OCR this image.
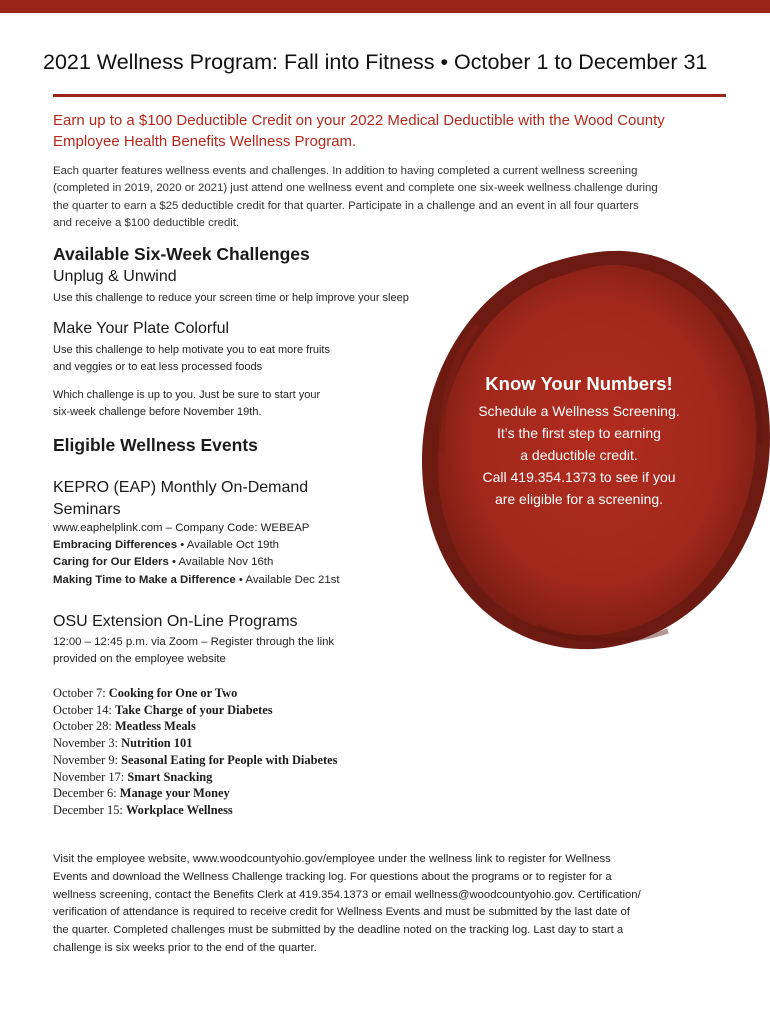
2021 Wellness Program: Fall into Fitness • October 1 to December 31
Earn up to a $100 Deductible Credit on your 2022 Medical Deductible with the Wood County
Employee Health Benefits Wellness Program.
Each quarter features wellness events and challenges. In addition to having completed a current wellness screening
(completed in 2019, 2020 or 2021) just attend one wellness event and complete one six-week wellness challenge during
the quarter to earn a $25 deductible credit for that quarter. Participate in a challenge and an event in all four quarters
and receive a $100 deductible credit.
Know Your Numbers!
Schedule a Wellness Screening.
It’s the first step to earning
a deductible credit.
Call 419.354.1373 to see if you
are eligible for a screening.
Available Six-Week Challenges
Unplug & Unwind
Use this challenge to reduce your screen time or help improve your sleep
Make Your Plate Colorful
Use this challenge to help motivate you to eat more fruits
and veggies or to eat less processed foods
Which challenge is up to you. Just be sure to start your
six-week challenge before November 19th.
Eligible Wellness Events
KEPRO (EAP) Monthly On-Demand
Seminars
www.eaphelplink.com – Company Code: WEBEAP
Embracing Differences • Available Oct 19th
Caring for Our Elders • Available Nov 16th
Making Time to Make a Difference • Available Dec 21st
OSU Extension On-Line Programs
12:00 – 12:45 p.m. via Zoom – Register through the link
provided on the employee website
October 7: Cooking for One or Two
October 14: Take Charge of your Diabetes
October 28: Meatless Meals
November 3: Nutrition 101
November 9: Seasonal Eating for People with Diabetes
November 17: Smart Snacking
December 6: Manage your Money
December 15: Workplace Wellness
Visit the employee website, www.woodcountyohio.gov/employee under the wellness link to register for Wellness
Events and download the Wellness Challenge tracking log. For questions about the programs or to register for a
wellness screening, contact the Benefits Clerk at 419.354.1373 or email wellness@woodcountyohio.gov. Certification/
verification of attendance is required to receive credit for Wellness Events and must be submitted by the last date of
the quarter. Completed challenges must be submitted by the deadline noted on the tracking log. Last day to start a
challenge is six weeks prior to the end of the quarter.
